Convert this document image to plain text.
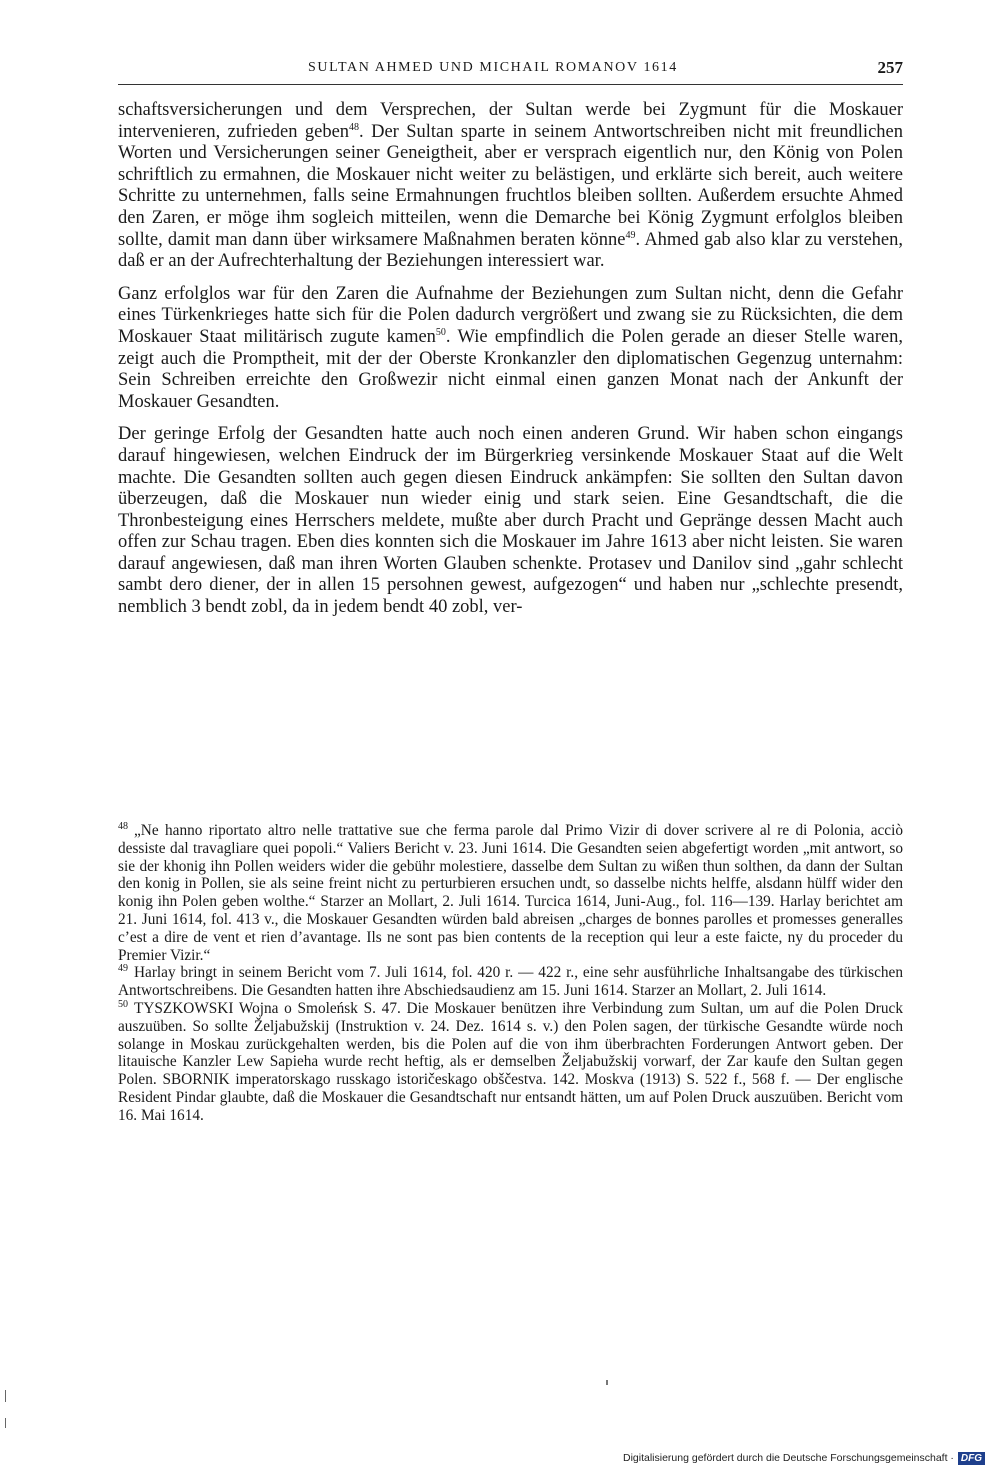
SULTAN AHMED UND MICHAIL ROMANOV 1614	257

schaftsversicherungen und dem Versprechen, der Sultan werde bei Zygmunt für die Moskauer intervenieren, zufrieden geben$^{48}$. Der Sultan sparte in seinem Antwortschreiben nicht mit freundlichen Worten und Versicherungen seiner Geneigtheit, aber er versprach eigentlich nur, den König von Polen schriftlich zu ermahnen, die Moskauer nicht weiter zu belästigen, und erklärte sich bereit, auch weitere Schritte zu unternehmen, falls seine Ermahnungen fruchtlos bleiben sollten. Außerdem ersuchte Ahmed den Zaren, er möge ihm sogleich mitteilen, wenn die Demarche bei König Zygmunt erfolglos bleiben sollte, damit man dann über wirksamere Maßnahmen beraten könne$^{49}$. Ahmed gab also klar zu verstehen, daß er an der Aufrechterhaltung der Beziehungen interessiert war.

Ganz erfolglos war für den Zaren die Aufnahme der Beziehungen zum Sultan nicht, denn die Gefahr eines Türkenkrieges hatte sich für die Polen dadurch vergrößert und zwang sie zu Rücksichten, die dem Moskauer Staat militärisch zugute kamen$^{50}$. Wie empfindlich die Polen gerade an dieser Stelle waren, zeigt auch die Promptheit, mit der der Oberste Kronkanzler den diplomatischen Gegenzug unternahm: Sein Schreiben erreichte den Großwezir nicht einmal einen ganzen Monat nach der Ankunft der Moskauer Gesandten.

Der geringe Erfolg der Gesandten hatte auch noch einen anderen Grund. Wir haben schon eingangs darauf hingewiesen, welchen Eindruck der im Bürgerkrieg versinkende Moskauer Staat auf die Welt machte. Die Gesandten sollten auch gegen diesen Eindruck ankämpfen: Sie sollten den Sultan davon überzeugen, daß die Moskauer nun wieder einig und stark seien. Eine Gesandtschaft, die die Thronbesteigung eines Herrschers meldete, mußte aber durch Pracht und Gepränge dessen Macht auch offen zur Schau tragen. Eben dies konnten sich die Moskauer im Jahre 1613 aber nicht leisten. Sie waren darauf angewiesen, daß man ihren Worten Glauben schenkte. Protasev und Danilov sind „gahr schlecht sambt dero diener, der in allen 15 persohnen gewest, aufgezogen“ und haben nur „schlechte presendt, nemblich 3 bendt zobl, da in jedem bendt 40 zobl, ver-

$^{48}$ „Ne hanno riportato altro nelle trattative sue che ferma parole dal Primo Vizir di dover scrivere al re di Polonia, acciò dessiste dal travagliare quei popoli.“ Valiers Bericht v. 23. Juni 1614. Die Gesandten seien abgefertigt worden „mit antwort, so sie der khonig ihn Pollen weiders wider die gebühr molestiere, dasselbe dem Sultan zu wißen thun solthen, da dann der Sultan den konig in Pollen, sie als seine freint nicht zu perturbieren ersuchen undt, so dasselbe nichts helffe, alsdann hülff wider den konig ihn Polen geben wolthe.“ Starzer an Mollart, 2. Juli 1614. Turcica 1614, Juni-Aug., fol. 116—139. Harlay berichtet am 21. Juni 1614, fol. 413 v., die Moskauer Gesandten würden bald abreisen „charges de bonnes parolles et promesses generalles c’est a dire de vent et rien d’avantage. Ils ne sont pas bien contents de la reception qui leur a este faicte, ny du proceder du Premier Vizir.“

$^{49}$ Harlay bringt in seinem Bericht vom 7. Juli 1614, fol. 420 r. — 422 r., eine sehr ausführliche Inhaltsangabe des türkischen Antwortschreibens. Die Gesandten hatten ihre Abschiedsaudienz am 15. Juni 1614. Starzer an Mollart, 2. Juli 1614.

$^{50}$ TYSZKOWSKI Wojna o Smoleńsk S. 47. Die Moskauer benützen ihre Verbindung zum Sultan, um auf die Polen Druck auszuüben. So sollte Željabužskij (Instruktion v. 24. Dez. 1614 s. v.) den Polen sagen, der türkische Gesandte würde noch solange in Moskau zurückgehalten werden, bis die Polen auf die von ihm überbrachten Forderungen Antwort geben. Der litauische Kanzler Lew Sapieha wurde recht heftig, als er demselben Željabužskij vorwarf, der Zar kaufe den Sultan gegen Polen. SBORNIK imperatorskago russkago istoričeskago obščestva. 142. Moskva (1913) S. 522 f., 568 f. — Der englische Resident Pindar glaubte, daß die Moskauer die Gesandtschaft nur entsandt hätten, um auf Polen Druck auszuüben. Bericht vom 16. Mai 1614.

Digitalisierung gefördert durch die Deutsche Forschungsgemeinschaft · DFG
